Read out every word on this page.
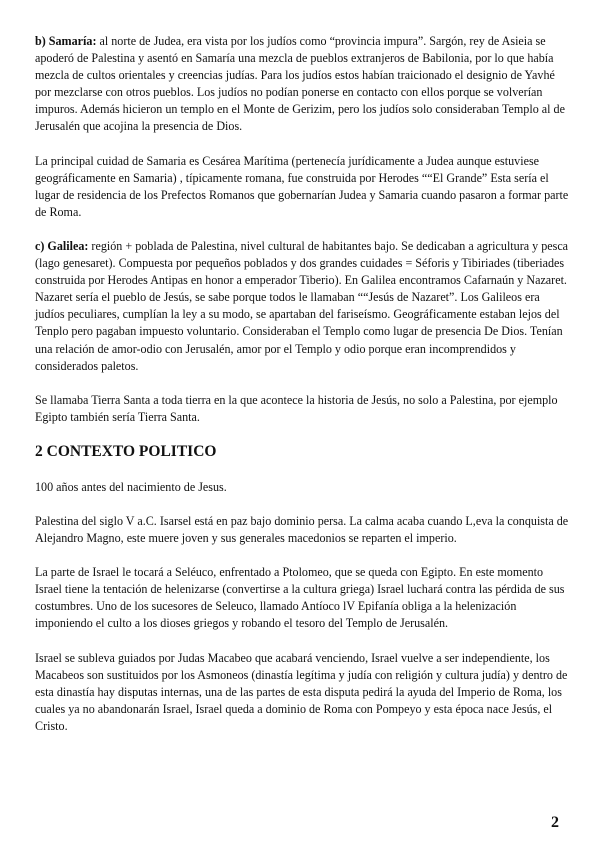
b) Samaría: al norte de Judea, era vista por los judíos como “provincia impura”. Sargón, rey de Asieia se apoderó de Palestina y asentó en Samaría una mezcla de pueblos extranjeros de Babilonia, por lo que había mezcla de cultos orientales y creencias judías. Para los judíos estos habían traicionado el designio de Yavhé por mezclarse con otros pueblos. Los judíos no podían ponerse en contacto con ellos porque se volverían impuros. Además hicieron un templo en el Monte de Gerizim, pero los judíos solo consideraban Templo al de Jerusalén que acojina la presencia de Dios.

La principal cuidad de Samaria es Cesárea Marítima (pertenecía jurídicamente a Judea aunque estuviese geográficamente en Samaria) , típicamente romana, fue construida por Herodes ““El Grande” Esta sería el lugar de residencia de los Prefectos Romanos que gobernarían Judea y Samaria cuando pasaron a formar parte de Roma.

c) Galilea: región + poblada de Palestina, nivel cultural de habitantes bajo. Se dedicaban a agricultura y pesca (lago genesaret). Compuesta por pequeños poblados y dos grandes cuidades = Séforis y Tibiriades (tiberiades construida por Herodes Antipas en honor a emperador Tiberio). En Galilea encontramos Cafarnaún y Nazaret. Nazaret sería el pueblo de Jesús, se sabe porque todos le llamaban ““Jesús de Nazaret”. Los Galileos era judíos peculiares, cumplían la ley a su modo, se apartaban del fariseísmo. Geográficamente estaban lejos del Tenplo pero pagaban impuesto voluntario. Consideraban el Templo como lugar de presencia De Dios. Tenían una relación de amor-odio con Jerusalén, amor por el Templo y odio porque eran incomprendidos y considerados paletos.

Se llamaba Tierra Santa a toda tierra en la que acontece la historia de Jesús, no solo a Palestina, por ejemplo Egipto también sería Tierra Santa.

2 CONTEXTO POLITICO

100 años antes del nacimiento de Jesus.

Palestina del siglo V a.C. Isarsel está en paz bajo dominio persa. La calma acaba cuando L,eva la conquista de Alejandro Magno, este muere joven y sus generales macedonios se reparten el imperio.

La parte de Israel le tocará a Seléuco, enfrentado a Ptolomeo, que se queda con Egipto. En este momento Israel tiene la tentación de helenizarse (convertirse a la cultura griega) Israel luchará contra las pérdida de sus costumbres. Uno de los sucesores de Seleuco, llamado Antíoco lV Epifanía obliga a la helenización imponiendo el culto a los dioses griegos y robando el tesoro del Templo de Jerusalén.

Israel se subleva guiados por Judas Macabeo que acabará venciendo, Israel vuelve a ser independiente, los Macabeos son sustituidos por los Asmoneos (dinastía legítima y judía con religión y cultura judía) y dentro de esta dinastía hay disputas internas, una de las partes de esta disputa pedirá la ayuda del Imperio de Roma, los cuales ya no abandonarán Israel, Israel queda a dominio de Roma con Pompeyo y esta época nace Jesús, el Cristo.

2
